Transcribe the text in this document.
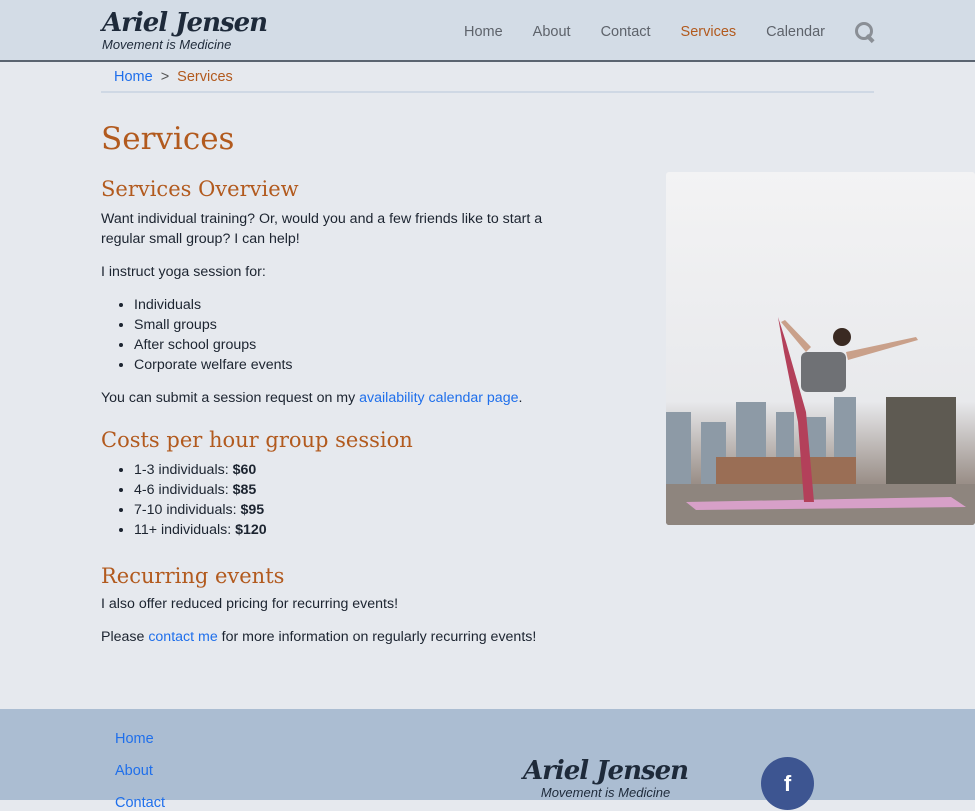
Ariel Jensen
Movement is Medicine
Home About Contact Services Calendar
Home > Services
Services
Services Overview

Want individual training? Or, would you and a few friends like to start a regular small group? I can help!

I instruct yoga session for:

• Individuals
• Small groups
• After school groups
• Corporate welfare events

You can submit a session request on my availability calendar page.

Costs per hour group session
• 1-3 individuals: $60
• 4-6 individuals: $85
• 7-10 individuals: $95
• 11+ individuals: $120
Recurring events

I also offer reduced pricing for recurring events!

Please contact me for more information on regularly recurring events!

Home
About
Contact
Ariel Jensen
Movement is Medicine	f
